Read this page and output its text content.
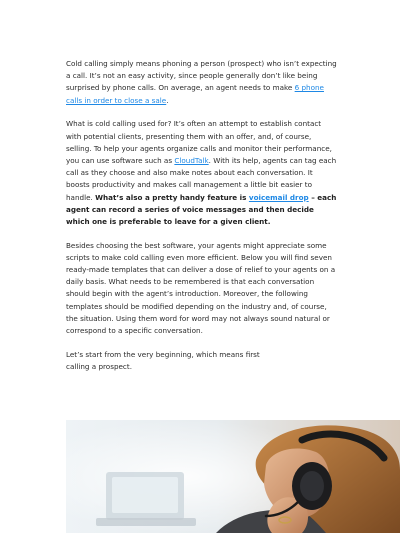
Cold calling simply means phoning a person (prospect) who isn’t expecting a call. It’s not an easy activity, since people generally don’t like being surprised by phone calls. On average, an agent needs to make 6 phone calls in order to close a sale.

What is cold calling used for? It’s often an attempt to establish contact with potential clients, presenting them with an offer, and, of course, selling. To help your agents organize calls and monitor their performance, you can use software such as CloudTalk. With its help, agents can tag each call as they choose and also make notes about each conversation. It boosts productivity and makes call management a little bit easier to handle. What’s also a pretty handy feature is voicemail drop – each agent can record a series of voice messages and then decide which one is preferable to leave for a given client.

Besides choosing the best software, your agents might appreciate some scripts to make cold calling even more efficient. Below you will find seven ready-made templates that can deliver a dose of relief to your agents on a daily basis. What needs to be remembered is that each conversation should begin with the agent’s introduction. Moreover, the following templates should be modified depending on the industry and, of course, the situation. Using them word for word may not always sound natural or correspond to a specific conversation.

Let’s start from the very beginning, which means first
calling a prospect.
